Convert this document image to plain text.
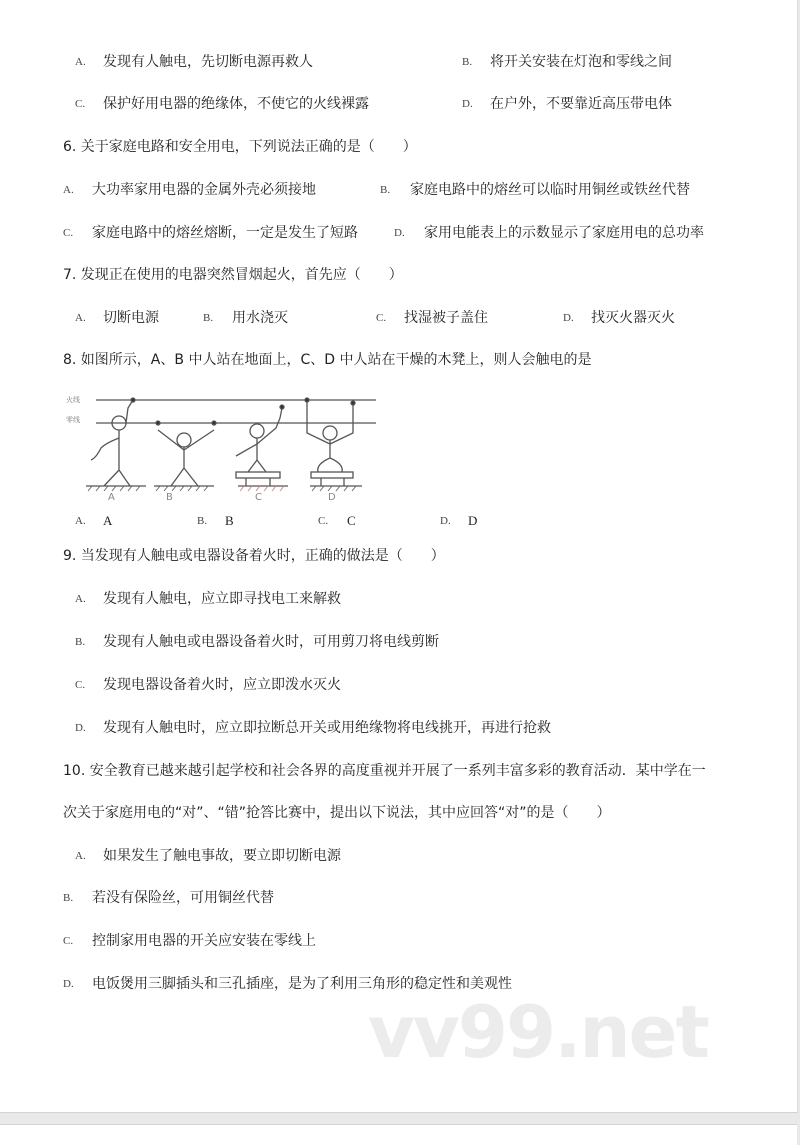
vv99.net
A. 发现有人触电，先切断电源再救人	B. 将开关安装在灯泡和零线之间
C. 保护好用电器的绝缘体，不使它的火线裸露	D. 在户外，不要靠近高压带电体
6. 关于家庭电路和安全用电，下列说法正确的是（　　）
A. 大功率家用电器的金属外壳必须接地	B. 家庭电路中的熔丝可以临时用铜丝或铁丝代替
C. 家庭电路中的熔丝熔断，一定是发生了短路	D. 家用电能表上的示数显示了家庭用电的总功率
7. 发现正在使用的电器突然冒烟起火，首先应（　　）
A. 切断电源	B. 用水浇灭	C. 找湿被子盖住	D. 找灭火器灭火
8. 如图所示，A、B 中人站在地面上，C、D 中人站在干燥的木凳上，则人会触电的是
火线
零线
A	B	C	D
A. A	B. B	C. C	D. D
9. 当发现有人触电或电器设备着火时，正确的做法是（　　）
A. 发现有人触电，应立即寻找电工来解救
B. 发现有人触电或电器设备着火时，可用剪刀将电线剪断
C. 发现电器设备着火时，应立即泼水灭火
D. 发现有人触电时，应立即拉断总开关或用绝缘物将电线挑开，再进行抢救
10. 安全教育已越来越引起学校和社会各界的高度重视并开展了一系列丰富多彩的教育活动．某中学在一
次关于家庭用电的“对”、“错”抢答比赛中，提出以下说法，其中应回答“对”的是（　　）
A. 如果发生了触电事故，要立即切断电源
B. 若没有保险丝，可用铜丝代替
C. 控制家用电器的开关应安装在零线上
D. 电饭煲用三脚插头和三孔插座，是为了利用三角形的稳定性和美观性
